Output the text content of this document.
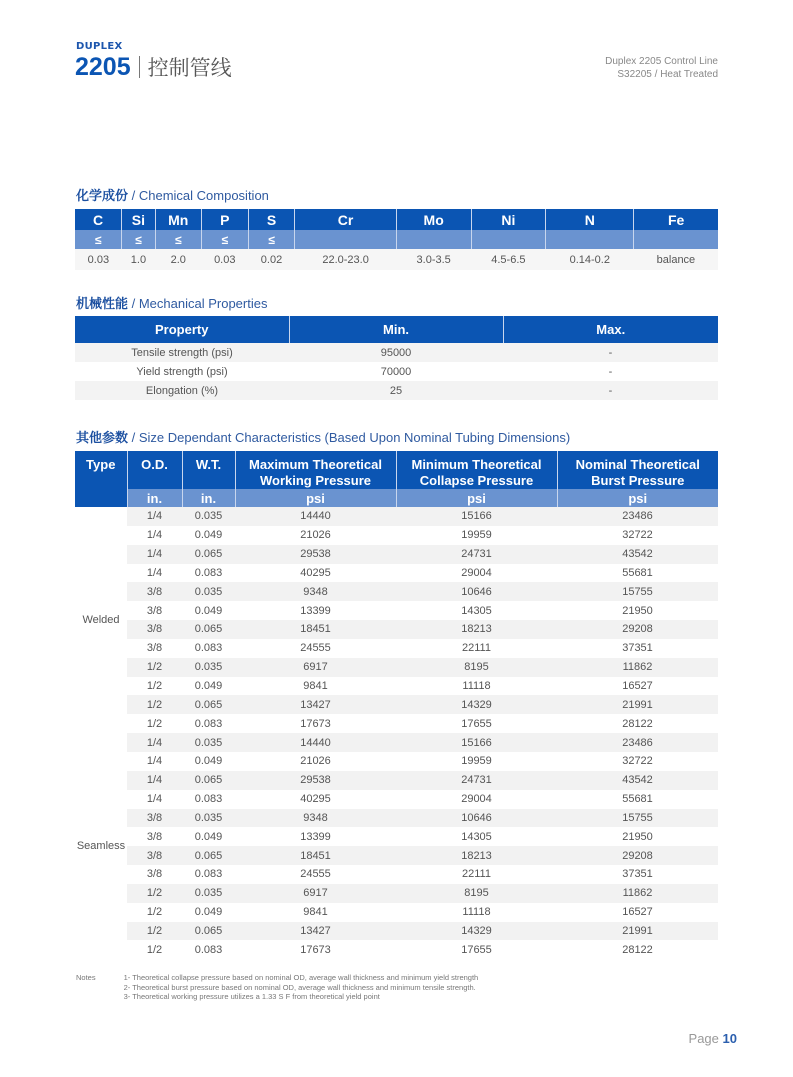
DUPLEX
2205 控制管线	Duplex 2205 Control Line
S32205 / Heat Treated
化学成份 / Chemical Composition
C	Si	Mn	P	S	Cr	Mo	Ni	N	Fe
≤	≤	≤	≤	≤					
0.03	1.0	2.0	0.03	0.02	22.0-23.0	3.0-3.5	4.5-6.5	0.14-0.2	balance
机械性能 / Mechanical Properties
Property	Min.	Max.
Tensile strength (psi)	95000	-
Yield strength (psi)	70000	-
Elongation (%)	25	-
其他参数 / Size Dependant Characteristics (Based Upon Nominal Tubing Dimensions)
Type	O.D.	W.T.	Maximum Theoretical Working Pressure	Minimum Theoretical Collapse Pressure	Nominal Theoretical Burst Pressure
	in.	in.	psi	psi	psi
Welded	1/4	0.035	14440	15166	23486
	1/4	0.049	21026	19959	32722
	1/4	0.065	29538	24731	43542
	1/4	0.083	40295	29004	55681
	3/8	0.035	9348	10646	15755
	3/8	0.049	13399	14305	21950
	3/8	0.065	18451	18213	29208
	3/8	0.083	24555	22111	37351
	1/2	0.035	6917	8195	11862
	1/2	0.049	9841	11118	16527
	1/2	0.065	13427	14329	21991
	1/2	0.083	17673	17655	28122
Seamless	1/4	0.035	14440	15166	23486
	1/4	0.049	21026	19959	32722
	1/4	0.065	29538	24731	43542
	1/4	0.083	40295	29004	55681
	3/8	0.035	9348	10646	15755
	3/8	0.049	13399	14305	21950
	3/8	0.065	18451	18213	29208
	3/8	0.083	24555	22111	37351
	1/2	0.035	6917	8195	11862
	1/2	0.049	9841	11118	16527
	1/2	0.065	13427	14329	21991
	1/2	0.083	17673	17655	28122
Notes	1- Theoretical collapse pressure based on nominal OD, average wall thickness and minimum yield strength
2- Theoretical burst pressure based on nominal OD, average wall thickness and minimum tensile strength.
3- Theoretical working pressure utilizes a 1.33 S F from theoretical yield point
Page 10
